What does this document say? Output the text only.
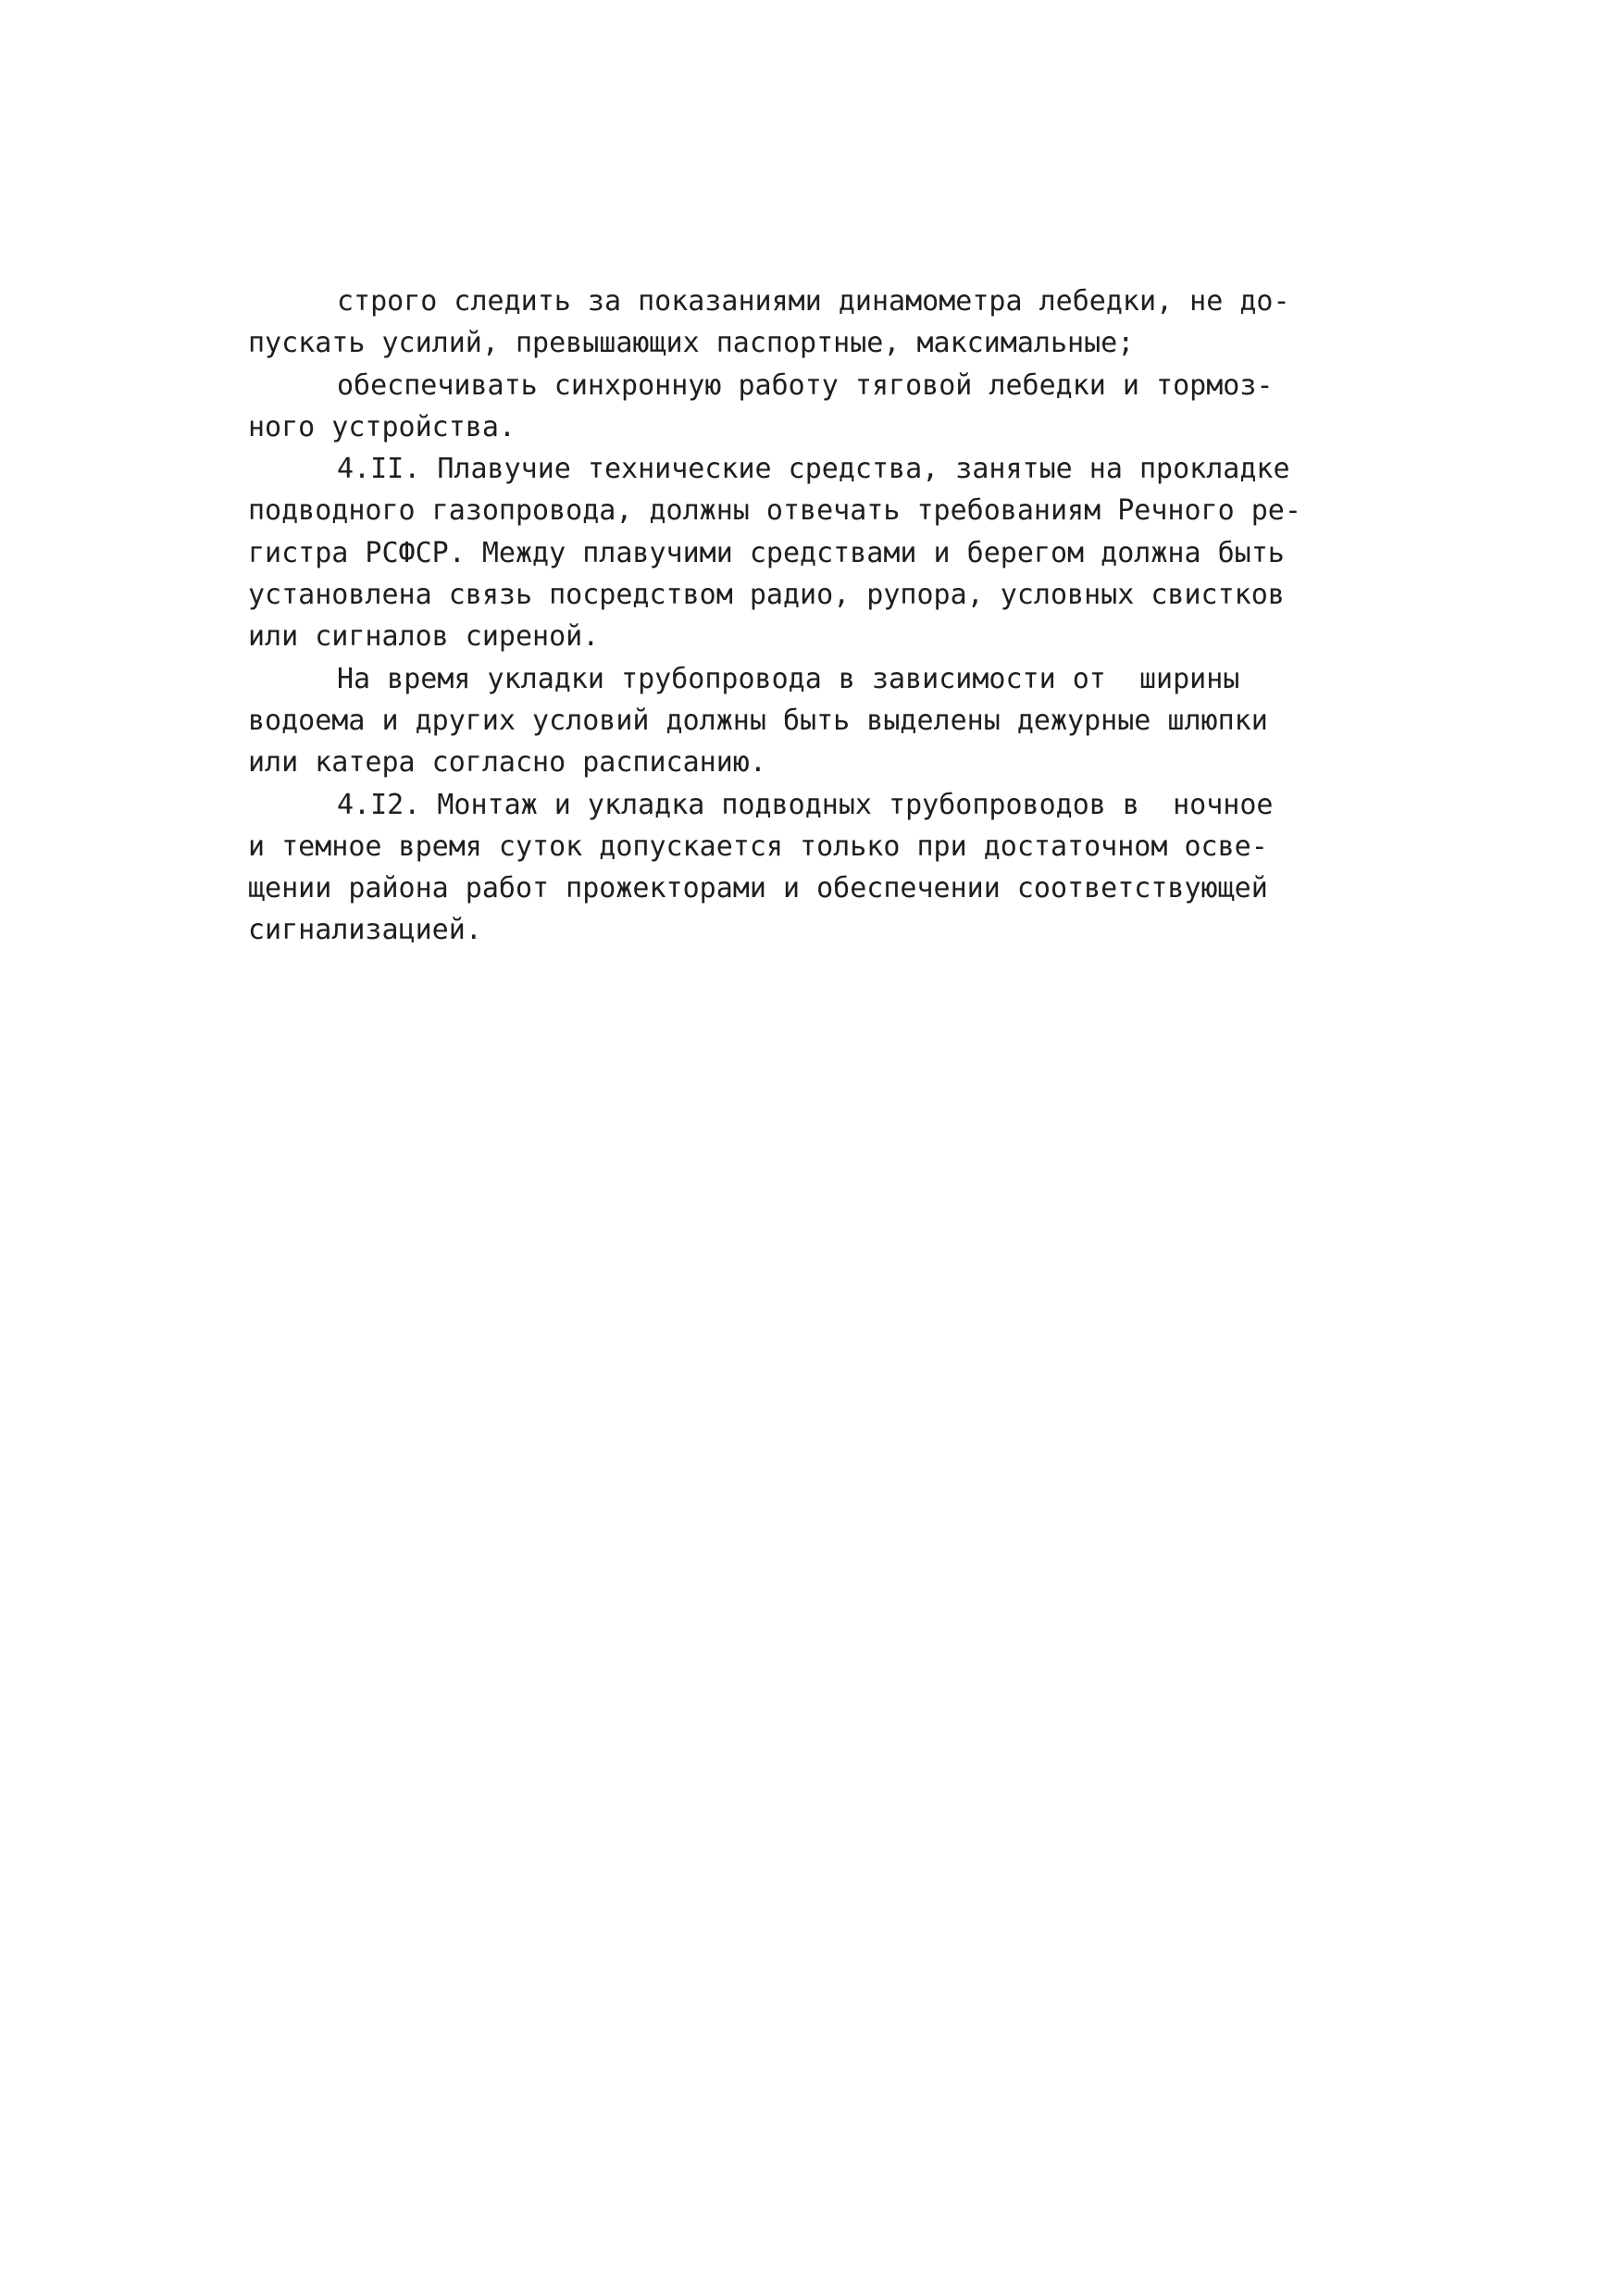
строго следить за показаниями динамометра лебедки, не до-
пускать усилий, превышающих паспортные, максимальные;
обеспечивать синхронную работу тяговой лебедки и тормоз-
ного устройства.
4.II. Плавучие технические средства, занятые на прокладке
подводного газопровода, должны отвечать требованиям Речного ре-
гистра РСФСР. Между плавучими средствами и берегом должна быть
установлена связь посредством радио, рупора, условных свистков
или сигналов сиреной.
На время укладки трубопровода в зависимости от  ширины
водоема и других условий должны быть выделены дежурные шлюпки
или катера согласно расписанию.
4.I2. Монтаж и укладка подводных трубопроводов в  ночное
и темное время суток допускается только при достаточном осве-
щении района работ прожекторами и обеспечении соответствующей
сигнализацией.
